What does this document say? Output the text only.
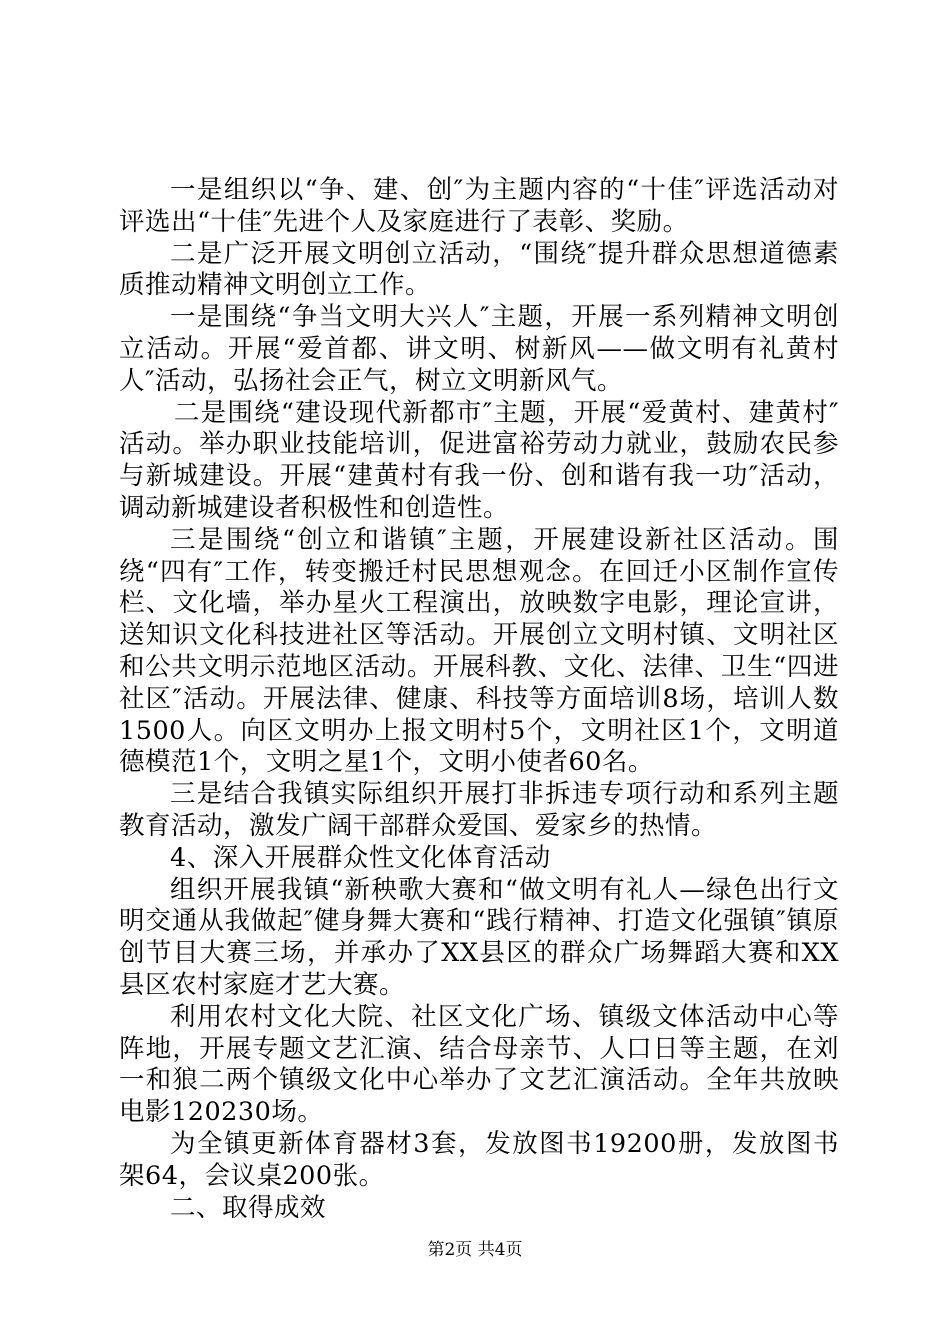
一是组织以“争、建、创″为主题内容的“十佳″评选活动对评选出“十佳″先进个人及家庭进行了表彰、奖励。

二是广泛开展文明创立活动，“围绕″提升群众思想道德素质推动精神文明创立工作。

一是围绕“争当文明大兴人″主题，开展一系列精神文明创立活动。开展“爱首都、讲文明、树新风——做文明有礼黄村人″活动，弘扬社会正气，树立文明新风气。

二是围绕“建设现代新都市″主题，开展“爱黄村、建黄村″活动。举办职业技能培训，促进富裕劳动力就业，鼓励农民参与新城建设。开展“建黄村有我一份、创和谐有我一功″活动，调动新城建设者积极性和创造性。

三是围绕“创立和谐镇″主题，开展建设新社区活动。围绕“四有″工作，转变搬迁村民思想观念。在回迁小区制作宣传栏、文化墙，举办星火工程演出，放映数字电影，理论宣讲，送知识文化科技进社区等活动。开展创立文明村镇、文明社区和公共文明示范地区活动。开展科教、文化、法律、卫生“四进社区″活动。开展法律、健康、科技等方面培训8场，培训人数1500人。向区文明办上报文明村5个，文明社区1个，文明道德模范1个，文明之星1个，文明小使者60名。

三是结合我镇实际组织开展打非拆违专项行动和系列主题教育活动，激发广阔干部群众爱国、爱家乡的热情。

4、深入开展群众性文化体育活动

组织开展我镇“新秧歌大赛和“做文明有礼人—绿色出行文明交通从我做起″健身舞大赛和“践行精神、打造文化强镇″镇原创节目大赛三场，并承办了XX县区的群众广场舞蹈大赛和XX县区农村家庭才艺大赛。

利用农村文化大院、社区文化广场、镇级文体活动中心等阵地，开展专题文艺汇演、结合母亲节、人口日等主题，在刘一和狼二两个镇级文化中心举办了文艺汇演活动。全年共放映电影120230场。

为全镇更新体育器材3套，发放图书19200册，发放图书架64，会议桌200张。

二、取得成效

第2页 共4页
